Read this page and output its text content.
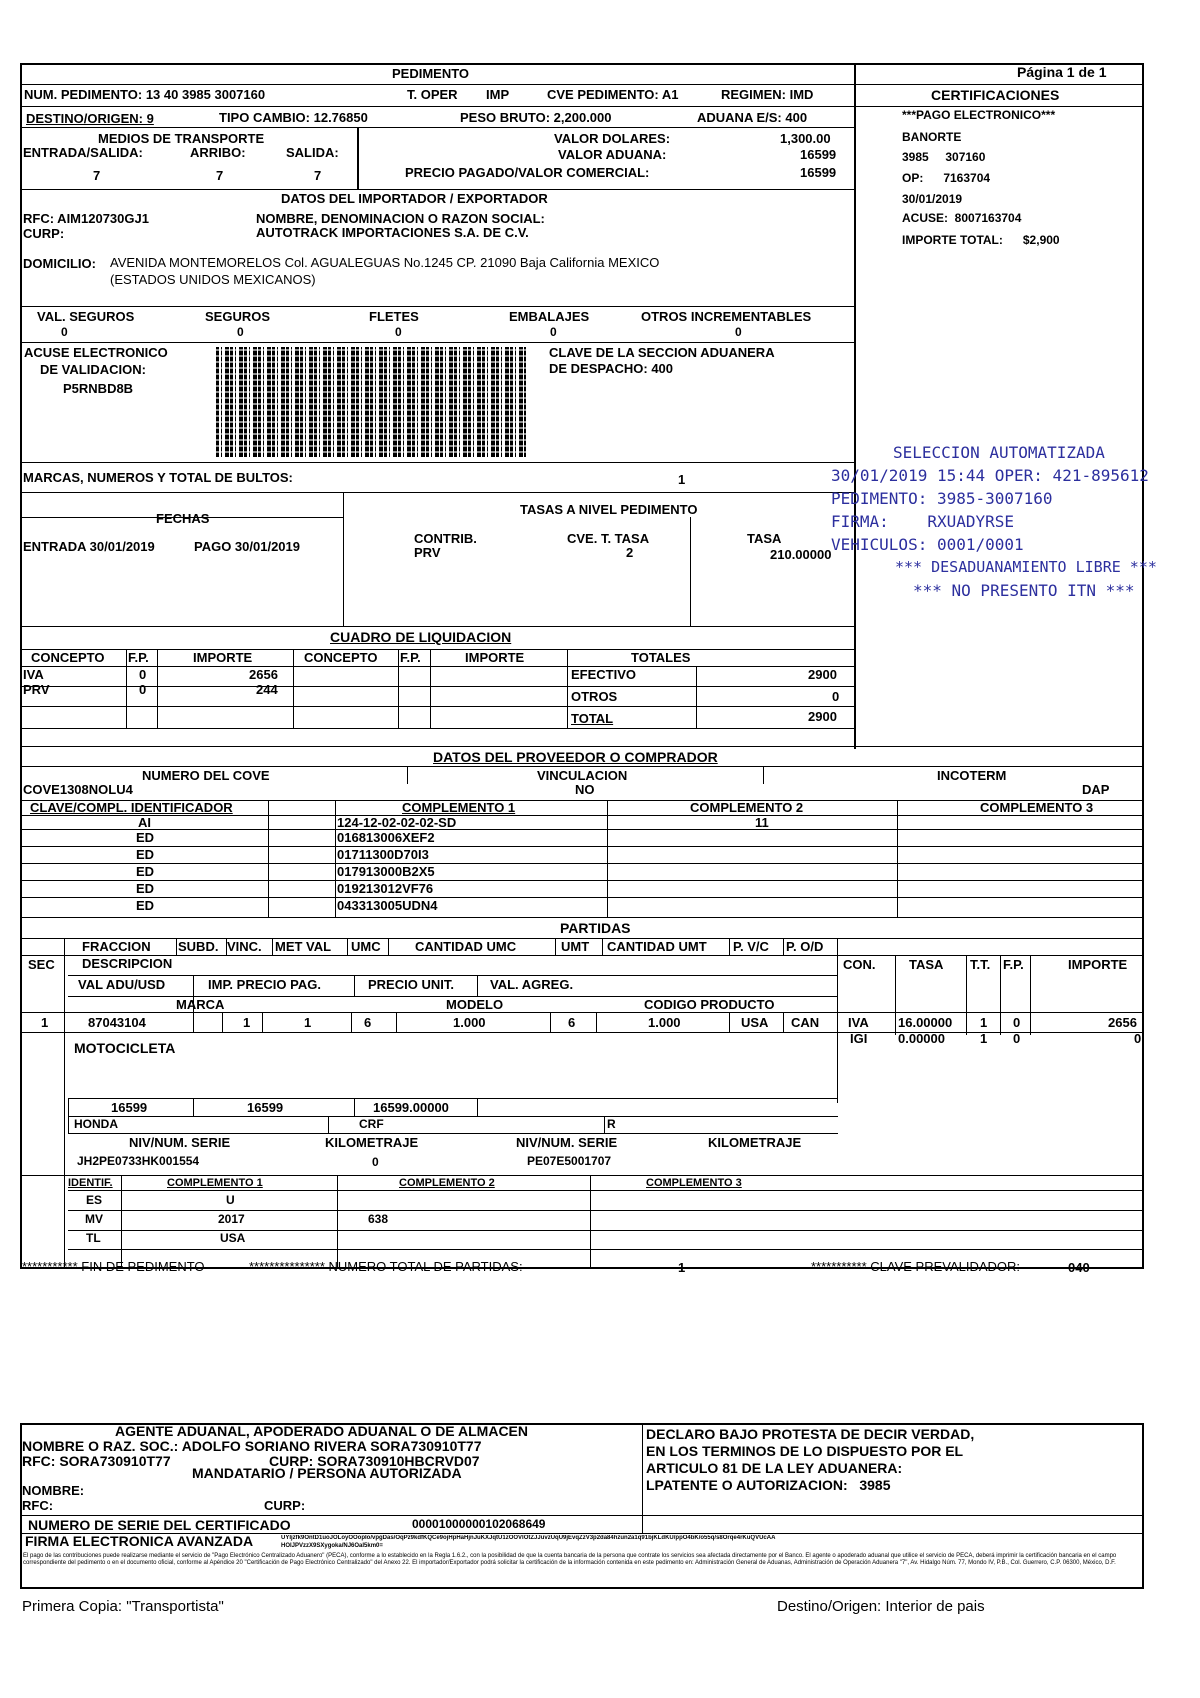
PEDIMENTO	Página 1 de 1
NUM. PEDIMENTO: 13 40 3985 3007160	T. OPER IMP	CVE PEDIMENTO: A1	REGIMEN: IMD	CERTIFICACIONES
DESTINO/ORIGEN: 9	TIPO CAMBIO: 12.76850	PESO BRUTO: 2,200.000	ADUANA E/S: 400	***PAGO ELECTRONICO***
BANORTE
3985     307160
OP:      7163704
30/01/2019
ACUSE:  8007163704
IMPORTE TOTAL:      $2,900
MEDIOS DE TRANSPORTE
ENTRADA/SALIDA:	ARRIBO:	SALIDA:
7	7	7
VALOR DOLARES:	1,300.00
VALOR ADUANA:	16599
PRECIO PAGADO/VALOR COMERCIAL:	16599
DATOS DEL IMPORTADOR / EXPORTADOR
RFC: AIM120730GJ1
CURP:
NOMBRE, DENOMINACION O RAZON SOCIAL:
AUTOTRACK IMPORTACIONES S.A. DE C.V.
DOMICILIO: AVENIDA MONTEMORELOS Col. AGUALEGUAS No.1245 CP. 21090 Baja California MEXICO
(ESTADOS UNIDOS MEXICANOS)
VAL. SEGUROS	SEGUROS	FLETES	EMBALAJES	OTROS INCREMENTABLES
0	0	0	0	0
ACUSE ELECTRONICO
DE VALIDACION:
P5RNBD8B
CLAVE DE LA SECCION ADUANERA
DE DESPACHO: 400
MARCAS, NUMEROS Y TOTAL DE BULTOS:	1
FECHAS
ENTRADA 30/01/2019	PAGO 30/01/2019
TASAS A NIVEL PEDIMENTO
CONTRIB.
PRV
CVE. T. TASA
2
TASA
210.00000
SELECCION AUTOMATIZADA
30/01/2019 15:44 OPER: 421-895612
PEDIMENTO: 3985-3007160
FIRMA:    RXUADYRSE
VEHICULOS: 0001/0001
*** DESADUANAMIENTO LIBRE ***
*** NO PRESENTO ITN ***
CUADRO DE LIQUIDACION
CONCEPTO F.P.	IMPORTE	CONCEPTO F.P.	IMPORTE	TOTALES
IVA	0	2656
PRV	0	244
EFECTIVO	2900
OTROS	0
TOTAL	2900
DATOS DEL PROVEEDOR O COMPRADOR
NUMERO DEL COVE
COVE1308NOLU4
VINCULACION
NO
INCOTERM
DAP
CLAVE/COMPL. IDENTIFICADOR	COMPLEMENTO 1	COMPLEMENTO 2	COMPLEMENTO 3
AI	124-12-02-02-02-SD	11
ED	016813006XEF2
ED	01711300D70I3
ED	017913000B2X5
ED	019213012VF76
ED	043313005UDN4
PARTIDAS
FRACCION SUBD. VINC. MET VAL UMC	CANTIDAD UMC	UMT CANTIDAD UMT P. V/C P. O/D
SEC DESCRIPCION	CON.	TASA T.T. F.P.	IMPORTE
VAL ADU/USD	IMP. PRECIO PAG.	PRECIO UNIT.	VAL. AGREG.
MARCA	MODELO	CODIGO PRODUCTO
1	87043104	1	1	6	1.000	6	1.000	USA CAN IVA 16.00000 1 0	2656
IGI 0.00000	1 0	0
MOTOCICLETA
16599	16599	16599.00000
HONDA	CRF	R
NIV/NUM. SERIE	KILOMETRAJE	NIV/NUM. SERIE	KILOMETRAJE
JH2PE0733HK001554	0	PE07E5001707
IDENTIF.	COMPLEMENTO 1	COMPLEMENTO 2	COMPLEMENTO 3
ES	U
MV	2017	638
TL	USA
*********** FIN DE PEDIMENTO	*************** NUMERO TOTAL DE PARTIDAS:	1	*********** CLAVE PREVALIDADOR:	040
AGENTE ADUANAL, APODERADO ADUANAL O DE ALMACEN
NOMBRE O RAZ. SOC.: ADOLFO SORIANO RIVERA SORA730910T77
RFC: SORA730910T77	CURP: SORA730910HBCRVD07
MANDATARIO / PERSONA AUTORIZADA
NOMBRE:
RFC:	CURP:
NUMERO DE SERIE DEL CERTIFICADO	00001000000102068649
FIRMA ELECTRONICA AVANZADA	UYIjzfk9OntD1uoJOLoyOOopIo/vpgDas/OqPz9kdfKQCe9ojHpHaHjnJuKXJqtU1zOOVIOtZJJuvzUqU9jEvqZzV3p2da84hzun2a1q91bjKLdKU/ppO4bK/o55q/s8Orqe4rKuQVUcAA
HOlJPVzzX9SXygoka/NJ6Oal5km0=
El pago de las contribuciones puede realizarse mediante el servicio de "Pago Electrónico Centralizado Aduanero" (PECA), conforme a lo establecido en la Regla 1.6.2., con la posibilidad de que la cuenta bancaria de la persona que contrate los servicios sea afectada directamente por el Banco. El agente o apoderado aduanal que utilice el servicio de PECA, deberá imprimir la certificación bancaria en el campo correspondiente del pedimento o en el documento oficial, conforme al Apéndice 20 "Certificación de Pago Electrónico Centralizado" del Anexo 22. El importador/Exportador podrá solicitar la certificación de la información contenida en este pedimento en: Administración General de Aduanas, Administración de Operación Aduanera "7", Av. Hidalgo Núm. 77, Mondo IV, P.B., Col. Guerrero, C.P. 06300, México, D.F.
DECLARO BAJO PROTESTA DE DECIR VERDAD,
EN LOS TERMINOS DE LO DISPUESTO POR EL
ARTICULO 81 DE LA LEY ADUANERA:
LPATENTE O AUTORIZACION:   3985
Primera Copia: "Transportista"	Destino/Origen: Interior de pais
